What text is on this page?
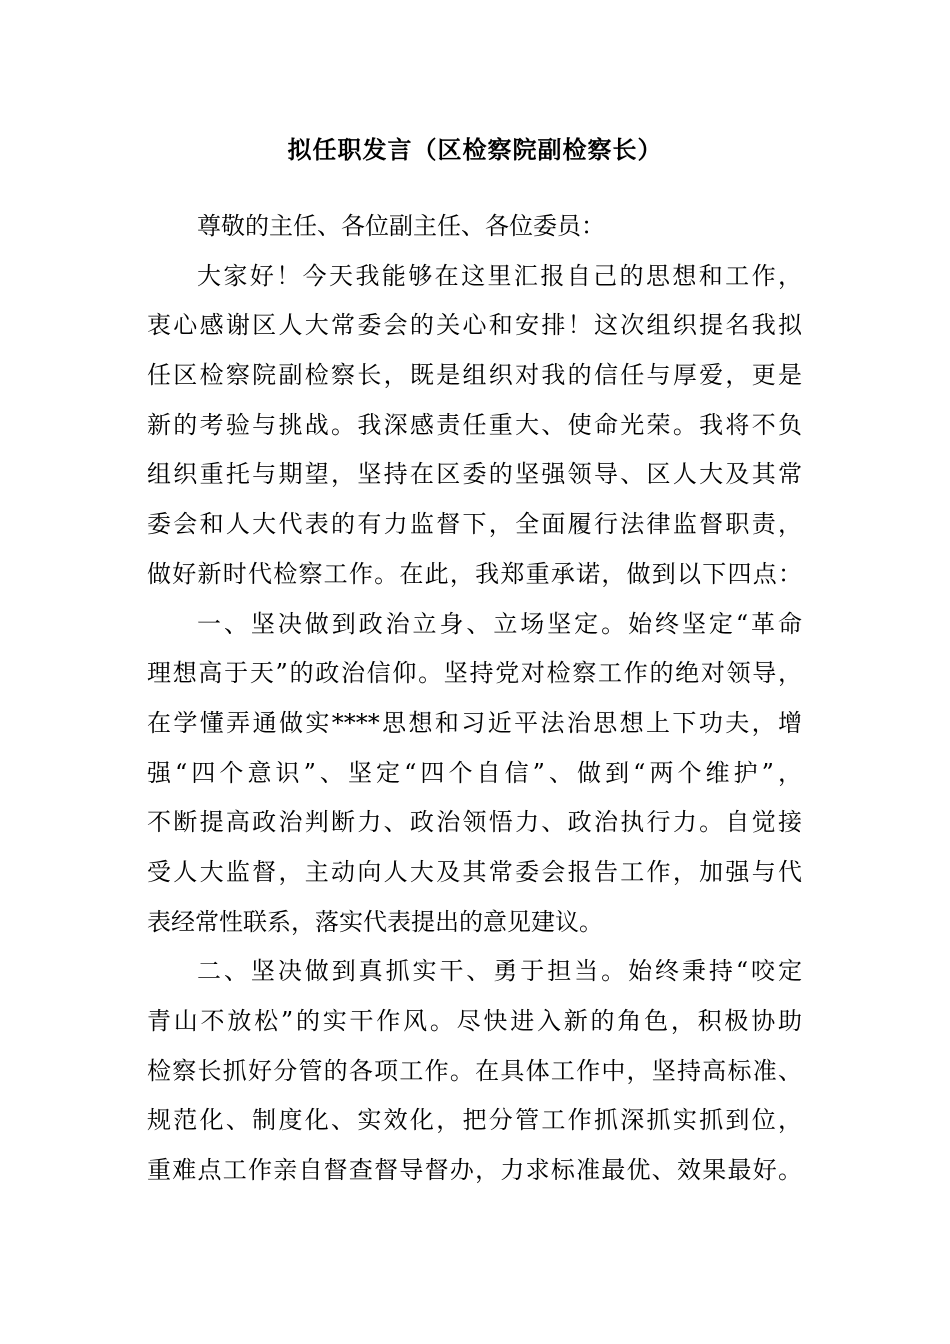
拟任职发言（区检察院副检察长）
尊敬的主任、各位副主任、各位委员：
大家好！今天我能够在这里汇报自己的思想和工作，
衷心感谢区人大常委会的关心和安排！这次组织提名我拟
任区检察院副检察长，既是组织对我的信任与厚爱，更是
新的考验与挑战。我深感责任重大、使命光荣。我将不负
组织重托与期望，坚持在区委的坚强领导、区人大及其常
委会和人大代表的有力监督下，全面履行法律监督职责，
做好新时代检察工作。在此，我郑重承诺，做到以下四点：
一、坚决做到政治立身、立场坚定。始终坚定“革命
理想高于天”的政治信仰。坚持党对检察工作的绝对领导，
在学懂弄通做实****思想和习近平法治思想上下功夫，增
强“四个意识”、坚定“四个自信”、做到“两个维护”，
不断提高政治判断力、政治领悟力、政治执行力。自觉接
受人大监督，主动向人大及其常委会报告工作，加强与代
表经常性联系，落实代表提出的意见建议。
二、坚决做到真抓实干、勇于担当。始终秉持“咬定
青山不放松”的实干作风。尽快进入新的角色，积极协助
检察长抓好分管的各项工作。在具体工作中，坚持高标准、
规范化、制度化、实效化，把分管工作抓深抓实抓到位，
重难点工作亲自督查督导督办，力求标准最优、效果最好。
